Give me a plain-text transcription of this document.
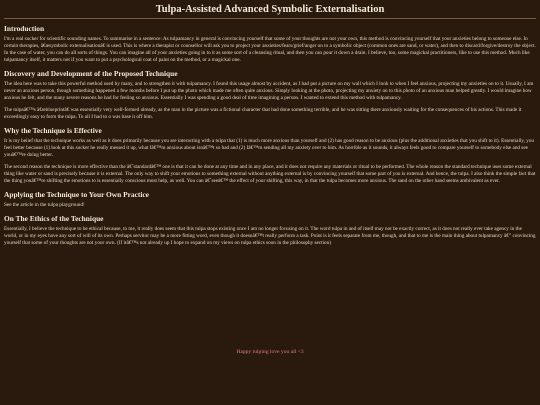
Tulpa-Assisted Advanced Symbolic Externalisation
Introduction

I'm a real sucker for scientific sounding names. To summarise in a sentence: As tulpamancy in general is convincing yourself that some of your thoughts are not your own, this method is convincing yourself that your anxieties belong to someone else. In certain therapies, â€œsymbolic externalisationâ€ is used. This is where a therapist or counsellor will ask you to project your anxieties/fears/grief/anger on to a symbolic object (common ones are sand, or water), and then to discard/forgive/destroy the object. In the case of water, you can do all sorts of things. You can imagine all of your anxieties going in to it as some sort of a cleansing ritual, and then you can pour it down a drain. I believe, too, some magickal practitioners, like to use this method. Much like tulpamancy itself, it matters not if you want to put a psychological coat of paint on the method, or a magickal one.

Discovery and Development of the Proposed Technique

The idea here was to take this powerful method used by many, and to strengthen it with tulpamancy. I found this usage almost by accident, as I had put a picture on my wall which I look to when I feel anxious, projecting my anxieties on to it. Usually, I am never an anxious person, though something happened a few months before I put up the photo which made me often quite anxious. Simply looking at the photo, projecting my anxiety on to this photo of an anxious man helped greatly. I would imagine how anxious he felt, and the many severe reasons he had for feeling so anxious. Essentially I was spending a good deal of time imagining a person. I wanted to extend this method with tulpamancy.

The tulpaâ€™s â€œblueprintâ€ was essentially very well-formed already, as the man in the picture was a fictional character that had done something terrible, and he was sitting there anxiously waiting for the consequences of his actions. This made it exceedingly easy to form the tulpa. To all I had to o was base it off him.

Why the Technique is Effective

It is my belief that the technique works as well as it does primarily because you are interacting with a tulpa that (1) is much more anxious than yourself and (2) has good reason to be anxious (plus the additional anxieties that you shift to it). Essentially, you feel better because (1) look at this sucker he really messed it up, what Iâ€™m anxious about isnâ€™t so bad and (2) Iâ€™m sending all my anxiety over to him. As horrible as it sounds, it always feels good to compare yourself to somebody else and see youâ€™re doing better.

The second reason the technique is more effective than the â€˜standardâ€™ one is that it can be done at any time and in any place, and it does not require any materials or ritual to be performed. The whole reason the standard technique uses some external thing like water or sand is precisely because it is external. The only way to shift your emotions to something external without anything external is by convincing yourself that some part of you is external. And hence, the tulpa. I also think the simple fact that the thing youâ€™re shifting the emotions to is essentially conscious must help, as well. You can â€˜seeâ€™ the effect of your shifting, this way, in that the tulpa becomes more anxious. The sand on the other hand seems ambivalent as ever.

Applying the Technique to Your Own Practice

See the article in the tulpa playground!

On The Ethics of the Technique

Essentially, I believe the technique to be ethical because, to me, it really does seem that this tulpa stops existing once I am no longer focusing on it. The word tulpa in and of itself may not be exactly correct, as it does not really ever take agency in the world, or in my eyes have any sort of will of its own. Perhaps servitor may be a more fitting word, even though it doesnâ€™t really perform a task. Point is it feels separate from me, though, and that to me is the main thing about tulpamancy â€” convincing yourself that some of your thoughts are not your own. (If itâ€™s not already up I hope to expand on my views on tulpa ethics soon in the philosophy section)

Happy tulping love you all <3
